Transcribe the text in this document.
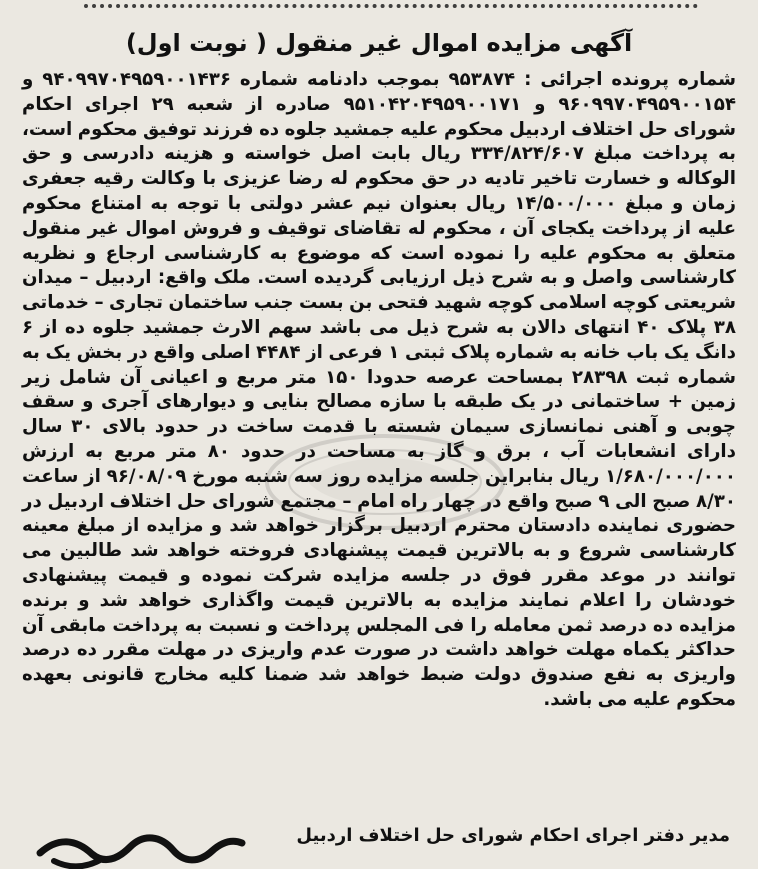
آگهی مزایده اموال غیر منقول ( نوبت اول)
شماره پرونده اجرائی : ۹۵۳۸۷۴ بموجب دادنامه شماره ۹۴۰۹۹۷۰۴۹۵۹۰۰۱۴۳۶ و ۹۶۰۹۹۷۰۴۹۵۹۰۰۱۵۴ و ۹۵۱۰۴۲۰۴۹۵۹۰۰۱۷۱ صادره از شعبه ۲۹ اجرای احکام شورای حل اختلاف اردبیل محکوم علیه جمشید جلوه ده فرزند توفیق محکوم است، به پرداخت مبلغ ۳۳۴/۸۲۴/۶۰۷ ریال بابت اصل خواسته و هزینه دادرسی و حق الوکاله و خسارت تاخیر تادیه در حق محکوم له رضا عزیزی با وکالت رقیه جعفری زمان و مبلغ ۱۴/۵۰۰/۰۰۰ ریال بعنوان نیم عشر دولتی با توجه به امتناع محکوم علیه از پرداخت یکجای آن ، محکوم له تقاضای توقیف و فروش اموال غیر منقول متعلق به محکوم علیه را نموده است که موضوع به کارشناسی ارجاع و نظریه کارشناسی واصل و به شرح ذیل ارزیابی گردیده است. ملک واقع: اردبیل – میدان شریعتی کوچه اسلامی کوچه شهید فتحی بن بست جنب ساختمان تجاری – خدماتی ۳۸ پلاک ۴۰ انتهای دالان به شرح ذیل می باشد سهم الارث جمشید جلوه ده از ۶ دانگ یک باب خانه به شماره پلاک ثبتی ۱ فرعی از ۴۴۸۴ اصلی واقع در بخش یک به شماره ثبت ۲۸۳۹۸ بمساحت عرصه حدودا ۱۵۰ متر مربع و اعیانی آن شامل زیر زمین + ساختمانی در یک طبقه با سازه مصالح بنایی و دیوارهای آجری و سقف چوبی و آهنی نمانسازی سیمان شسته با قدمت ساخت در حدود بالای ۳۰ سال دارای انشعابات آب ، برق و گاز به مساحت در حدود ۸۰ متر مربع به ارزش ۱/۶۸۰/۰۰۰/۰۰۰ ریال بنابراین جلسه مزایده روز سه شنبه مورخ ۹۶/۰۸/۰۹ از ساعت ۸/۳۰ صبح الی ۹ صبح واقع در چهار راه امام – مجتمع شورای حل اختلاف اردبیل در حضوری نماینده دادستان محترم اردبیل برگزار خواهد شد و مزایده از مبلغ معینه کارشناسی شروع و به بالاترین قیمت پیشنهادی فروخته خواهد شد طالبین می توانند در موعد مقرر فوق در جلسه مزایده شرکت نموده و قیمت پیشنهادی خودشان را اعلام نمایند مزایده به بالاترین قیمت واگذاری خواهد شد و برنده مزایده ده درصد ثمن معامله را فی المجلس پرداخت و نسبت به پرداخت مابقی آن حداکثر یکماه مهلت خواهد داشت در صورت عدم واریزی در مهلت مقرر ده درصد واریزی به نفع صندوق دولت ضبط خواهد شد ضمنا کلیه مخارج قانونی بعهده محکوم علیه می باشد.
مدیر دفتر اجرای احکام شورای حل اختلاف اردبیل
